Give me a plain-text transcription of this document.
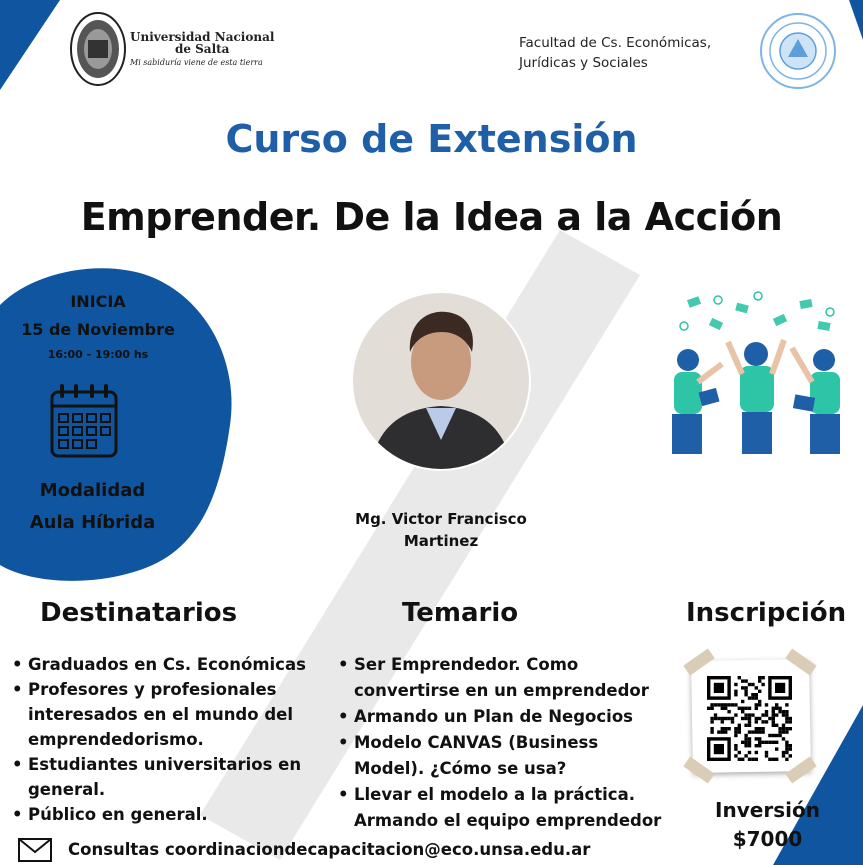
Universidad Nacional
de Salta
Mi sabiduría viene de esta tierra
Facultad de Cs. Económicas,
Jurídicas y Sociales
Curso de Extensión
Emprender. De la Idea a la Acción
INICIA
15 de Noviembre
16:00 - 19:00 hs
Modalidad
Aula Híbrida	Mg. Victor Francisco
Martinez
Destinatarios	Temario	Inscripción
• Graduados en Cs. Económicas
• Profesores y profesionales interesados en el mundo del emprendedorismo.
• Estudiantes universitarios en general.
• Público en general.
• Ser Emprendedor. Como convertirse en un emprendedor
• Armando un Plan de Negocios
• Modelo CANVAS (Business Model). ¿Cómo se usa?
• Llevar el modelo a la práctica. Armando el equipo emprendedor	Inversión
$7000
Consultas coordinaciondecapacitacion@eco.unsa.edu.ar
